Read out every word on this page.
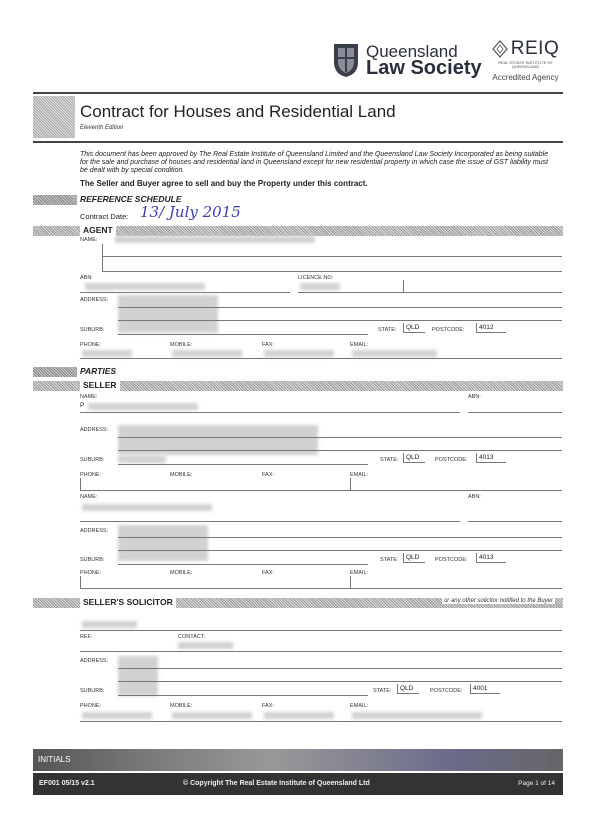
Queensland
Law Society
REIQ
REAL ESTATE INSTITUTE OF QUEENSLAND
Accredited Agency
Contract for Houses and Residential Land
Eleventh Edition
This document has been approved by The Real Estate Institute of Queensland Limited and the Queensland Law Society Incorporated as being suitable for the sale and purchase of houses and residential land in Queensland except for new residential property in which case the issue of GST liability must be dealt with by special condition.
The Seller and Buyer agree to sell and buy the Property under this contract.
REFERENCE SCHEDULE
Contract Date: 13/ July 2015
AGENT
NAME:
ABN:	LICENCE NO:
ADDRESS:
SUBURB:	STATE:	QLD	POSTCODE:	4012
PHONE:	MOBILE:	FAX:	EMAIL:
PARTIES
SELLER
NAME:	ABN:
P
ADDRESS:
SUBURB:	STATE:	QLD	POSTCODE:	4013
PHONE:	MOBILE:	FAX:	EMAIL:
NAME:	ABN:
ADDRESS:
SUBURB:	STATE:	QLD	POSTCODE:	4013
PHONE:	MOBILE:	FAX:	EMAIL:
SELLER'S SOLICITOR	or any other solicitor notified to the Buyer
REF:	CONTACT:
ADDRESS:
SUBURB:	STATE:	QLD	POSTCODE:	4001
PHONE:	MOBILE:	FAX:	EMAIL:
INITIALS
EF001 05/15 v2.1	© Copyright The Real Estate Institute of Queensland Ltd	Page 1 of 14
